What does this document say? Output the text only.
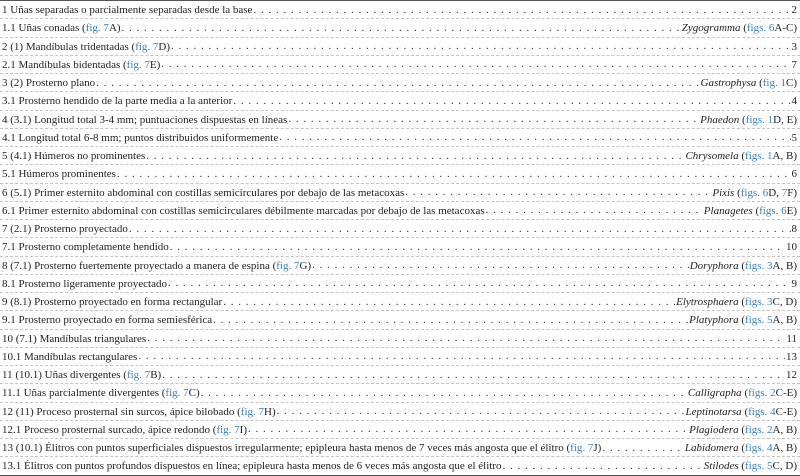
1 Uñas separadas o parcialmente separadas desde la base . . .	2
1.1 Uñas conadas (fig. 7A) . . .	Zygogramma (figs. 6A-C)
2 (1) Mandíbulas tridentadas (fig. 7D) . . .	3
2.1 Mandíbulas bidentadas (fig. 7E) . . .	7
3 (2) Prosterno plano . . .	Gastrophysa (fig. 1C)
3.1 Prosterno hendido de la parte media a la anterior . . .	4
4 (3.1) Longitud total 3-4 mm; puntuaciones dispuestas en líneas . . .	Phaedon (figs. 1D, E)
4.1 Longitud total 6-8 mm; puntos distribuidos uniformemente . . .	5
5 (4.1) Húmeros no prominentes . . .	Chrysomela (figs. 1A, B)
5.1 Húmeros prominentes . . .	6
6 (5.1) Primer esternito abdominal con costillas semicirculares por debajo de las metacoxas . . .	Pixis (figs. 6D, 7F)
6.1 Primer esternito abdominal con costillas semicirculares débilmente marcadas por debajo de las metacoxas . . .	Planagetes (figs. 6E)
7 (2.1) Prosterno proyectado . . .	8
7.1 Prosterno completamente hendido . . .	10
8 (7.1) Prosterno fuertemente proyectado a manera de espina (fig. 7G) . . .	Doryphora (figs. 3A, B)
8.1 Prosterno ligeramente proyectado . . .	9
9 (8.1) Prosterno proyectado en forma rectangular . . .	Elytrosphaera (figs. 3C, D)
9.1 Prosterno proyectado en forma semiesférica . . .	Platyphora (figs. 5A, B)
10 (7.1) Mandíbulas triangulares . . .	11
10.1 Mandíbulas rectangulares . . .	13
11 (10.1) Uñas divergentes (fig. 7B) . . .	12
11.1 Uñas parcialmente divergentes (fig. 7C) . . .	Calligrapha (figs. 2C-E)
12 (11) Proceso prosternal sin surcos, ápice bilobado (fig. 7H) . . .	Leptinotarsa (figs. 4C-E)
12.1 Proceso prosternal surcado, ápice redondo (fig. 7I) . . .	Plagiodera (figs. 2A, B)
13 (10.1) Élitros con puntos superficiales dispuestos irregularmente; epipleura hasta menos de 7 veces más angosta que el élitro (fig. 7J) . . .	Labidomera (figs. 4A, B)
13.1 Élitros con puntos profundos dispuestos en línea; epipleura hasta menos de 6 veces más angosta que el élitro . . .	Stilodes (figs. 5C, D)
